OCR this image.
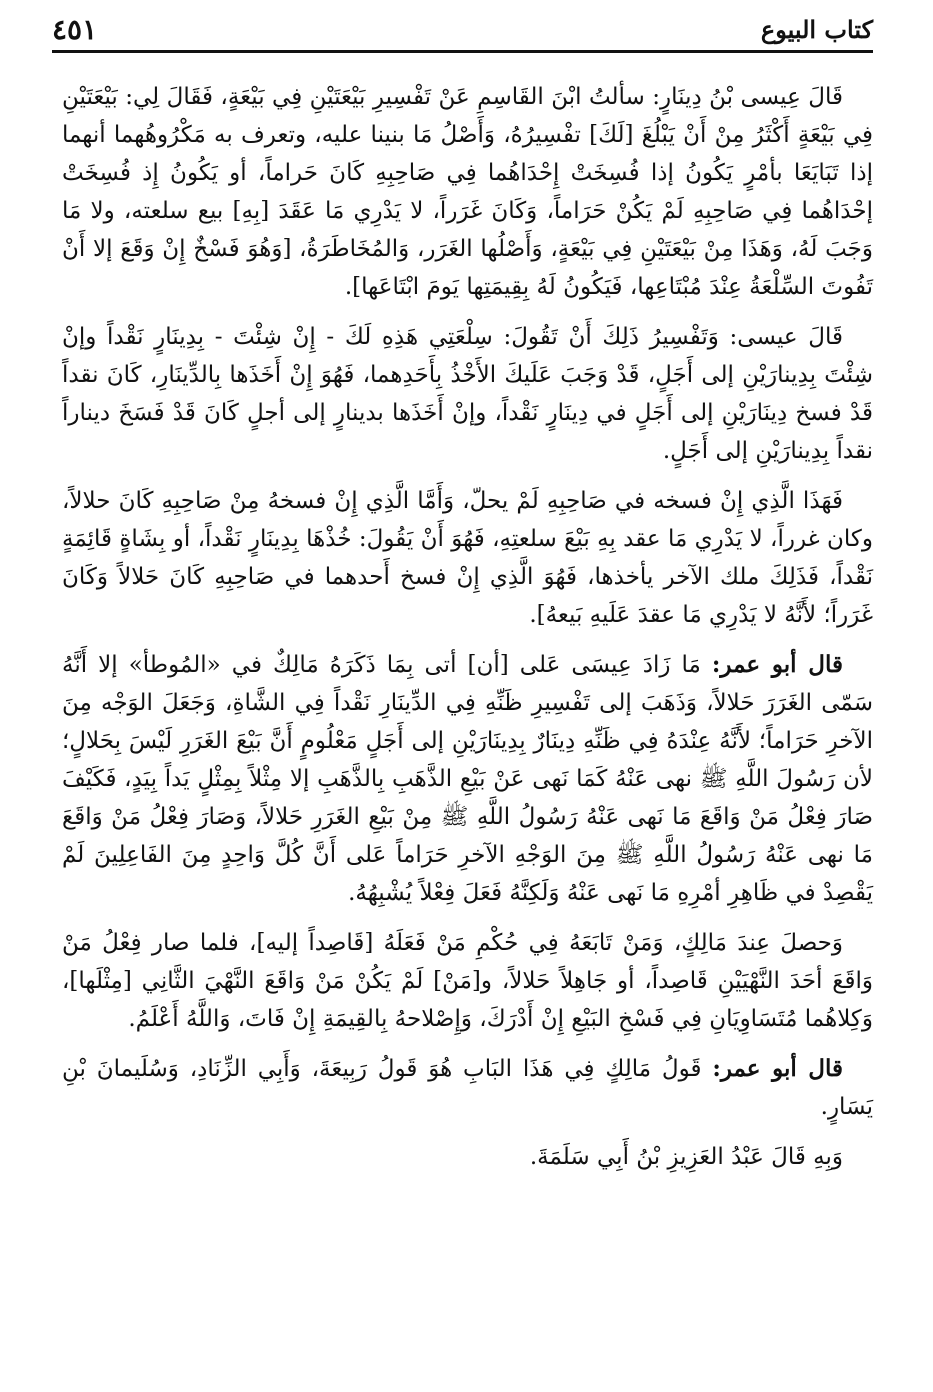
كتاب البيوع
٤٥١

قَالَ عِيسى بْنُ دِينَارٍ: سألتُ ابْنَ القَاسِمِ عَنْ تَفْسِيرِ بَيْعَتَيْنِ فِي بَيْعَةٍ، فَقَالَ لِي: بَيْعَتَيْنِ فِي بَيْعَةٍ أَكْثَرُ مِنْ أَنْ يَبْلُغَ [لَكَ] تفْسِيرُهُ، وَأَصْلُ مَا بنينا عليه، وتعرف به مَكْرُوهُهما أنهما إذا تَبَايَعَا بأمْرٍ يَكُونُ إذا فُسِخَتْ إِحْدَاهُما فِي صَاحِبِهِ كَانَ حَراماً، أو يَكُونُ إِذ فُسِخَتْ إحْدَاهُما فِي صَاحِبِهِ لَمْ يَكُنْ حَرَاماً، وَكَانَ غَرَراً، لا يَدْرِي مَا عَقَدَ [بِهِ] بيع سلعته، ولا مَا وَجَبَ لَهُ، وَهَذَا مِنْ بَيْعَتَيْنِ فِي بَيْعَةٍ، وَأَصْلُها الغَرَر، وَالمُخَاطَرَةُ، [وَهُوَ فَسْخٌ إِنْ وَقَعَ إلا أَنْ تَفُوتَ السِّلْعَةُ عِنْدَ مُبْتَاعِها، فَيَكُونُ لَهُ بِقِيمَتِها يَومَ ابْتَاعَها].

قَالَ عيسى: وَتَفْسِيرُ ذَلِكَ أَنْ تَقُولَ: سِلْعَتِي هَذِهِ لَكَ - إِنْ شِئْتَ - بِدِينَارٍ نَقْداً وإنْ شِئْتَ بِدِينارَيْنِ إلى أَجَلٍ، قَدْ وَجَبَ عَلَيكَ الأَخْذُ بِأَحَدِهما، فَهُوَ إِنْ أَخَذَها بِالدِّينَارِ، كَانَ نقداً قَدْ فسخ دِينَارَيْنِ إلى أَجَلٍ في دِينَارٍ نَقْداً، وإنْ أَخَذَها بدينارٍ إلى أجلٍ كَانَ قَدْ فَسَخَ ديناراً نقداً بِدِينارَيْنِ إلى أَجَلٍ.

فَهَذَا الَّذِي إِنْ فسخه في صَاحِبِهِ لَمْ يحلّ، وَأَمَّا الَّذِي إِنْ فسخهُ مِنْ صَاحِبِهِ كَانَ حلالاً، وكان غرراً، لا يَدْرِي مَا عقد بِهِ بَيْعَ سلعتِهِ، فَهُوَ أَنْ يَقُولَ: خُذْهَا بِدِينَارٍ نَقْداً، أو بِشَاةٍ قَائِمَةٍ نَقْداً، فَذَلِكَ ملك الآخر يأخذها، فَهُوَ الَّذِي إِنْ فسخ أَحدهما في صَاحِبِهِ كَانَ حَلالاً وَكَانَ غَرَراً؛ لأَنَّهُ لا يَدْرِي مَا عقدَ عَلَيهِ بَيعهُ].

قال أبو عمر: مَا زَادَ عِيسَى عَلى [أن] أتى بِمَا ذَكَرَهُ مَالِكٌ في «المُوطأ» إلا أَنَّهُ سَمّى الغَرَرَ حَلالاً، وَذَهَبَ إلى تَفْسِيرِ ظَنِّهِ فِي الدِّينَارِ نَقْداً فِي الشَّاةِ، وَجَعَلَ الوَجْه مِنَ الآخرِ حَرَاماً؛ لأَنَّهُ عِنْدَهُ فِي ظَنِّهِ دِينَارٌ بِدِينَارَيْنِ إلى أَجَلٍ مَعْلُومٍ أَنَّ بَيْعَ الغَرَرِ لَيْسَ بِحَلالٍ؛ لأن رَسُولَ اللَّهِ ﷺ نهى عَنْهُ كَمَا نَهى عَنْ بَيْعِ الذَّهَبِ بِالذَّهَبِ إلا مِثْلاً بِمِثْلٍ يَداً بِيَدٍ، فَكَيْفَ صَارَ فِعْلُ مَنْ وَاقَعَ مَا نَهى عَنْهُ رَسُولُ اللَّهِ ﷺ مِنْ بَيْعِ الغَرَرِ حَلالاً، وَصَارَ فِعْلُ مَنْ وَاقَعَ مَا نهى عَنْهُ رَسُولُ اللَّهِ ﷺ مِنَ الوَجْهِ الآخرِ حَرَاماً عَلى أَنَّ كُلَّ وَاحِدٍ مِنَ الفَاعِلِينَ لَمْ يَقْصِدْ في ظَاهِرِ أمْرِهِ مَا نَهى عَنْهُ وَلَكِنَّهُ فَعَلَ فِعْلاً يُشْبِهُهُ.

وَحصلَ عِندَ مَالِكٍ، وَمَنْ تَابَعَهُ فِي حُكْمِ مَنْ فَعَلَهُ [قَاصِداً إليه]، فلما صار فِعْلُ مَنْ وَاقَعَ أحَدَ النَّهْيَيْنِ قَاصِداً، أو جَاهِلاً حَلالاً، و[مَنْ] لَمْ يَكُنْ مَنْ وَاقَعَ النَّهْيَ الثَّانِي [مِثْلَها]، وَكِلاهُما مُتَسَاوِيَانِ فِي فَسْخِ البَيْعِ إِنْ أَدْرَكَ، وَإِصْلاحهُ بِالقِيمَةِ إِنْ فَاتَ، وَاللَّهُ أَعْلَمُ.

قال أبو عمر: قَولُ مَالِكٍ فِي هَذَا البَابِ هُوَ قَولُ رَبِيعَةَ، وَأَبِي الزِّنَادِ، وَسُلَيمانَ بْنِ يَسَارٍ.

وَبِهِ قَالَ عَبْدُ العَزِيزِ بْنُ أَبِي سَلَمَةَ.
